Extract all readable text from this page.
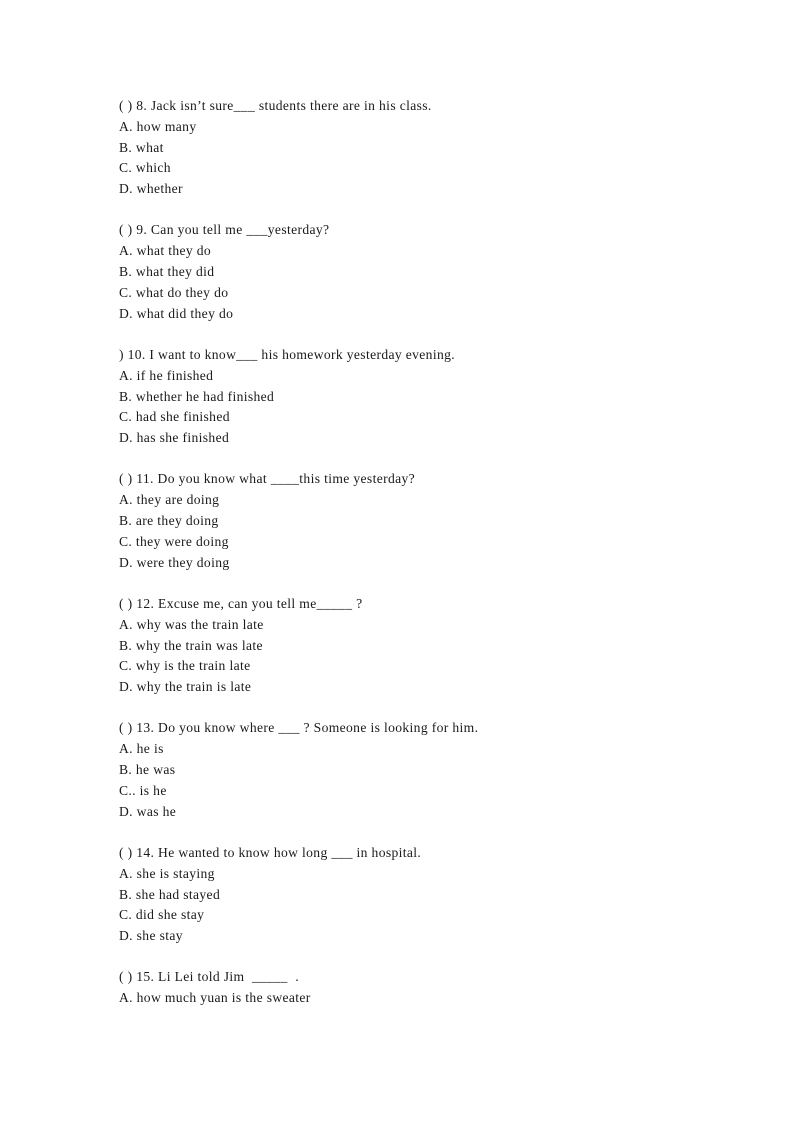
( ) 8. Jack isn’t sure___ students there are in his class.
A. how many
B. what
C. which
D. whether
( ) 9. Can you tell me ___yesterday?
A. what they do
B. what they did
C. what do they do
D. what did they do
) 10. I want to know___ his homework yesterday evening.
A. if he finished
B. whether he had finished
C. had she finished
D. has she finished
( ) 11. Do you know what ____this time yesterday?
A. they are doing
B. are they doing
C. they were doing
D. were they doing
( ) 12. Excuse me, can you tell me_____ ?
A. why was the train late
B. why the train was late
C. why is the train late
D. why the train is late
( ) 13. Do you know where ___ ? Someone is looking for him.
A. he is
B. he was
C.. is he
D. was he
( ) 14. He wanted to know how long ___ in hospital.
A. she is staying
B. she had stayed
C. did she stay
D. she stay
( ) 15. Li Lei told Jim  _____  .
A. how much yuan is the sweater
